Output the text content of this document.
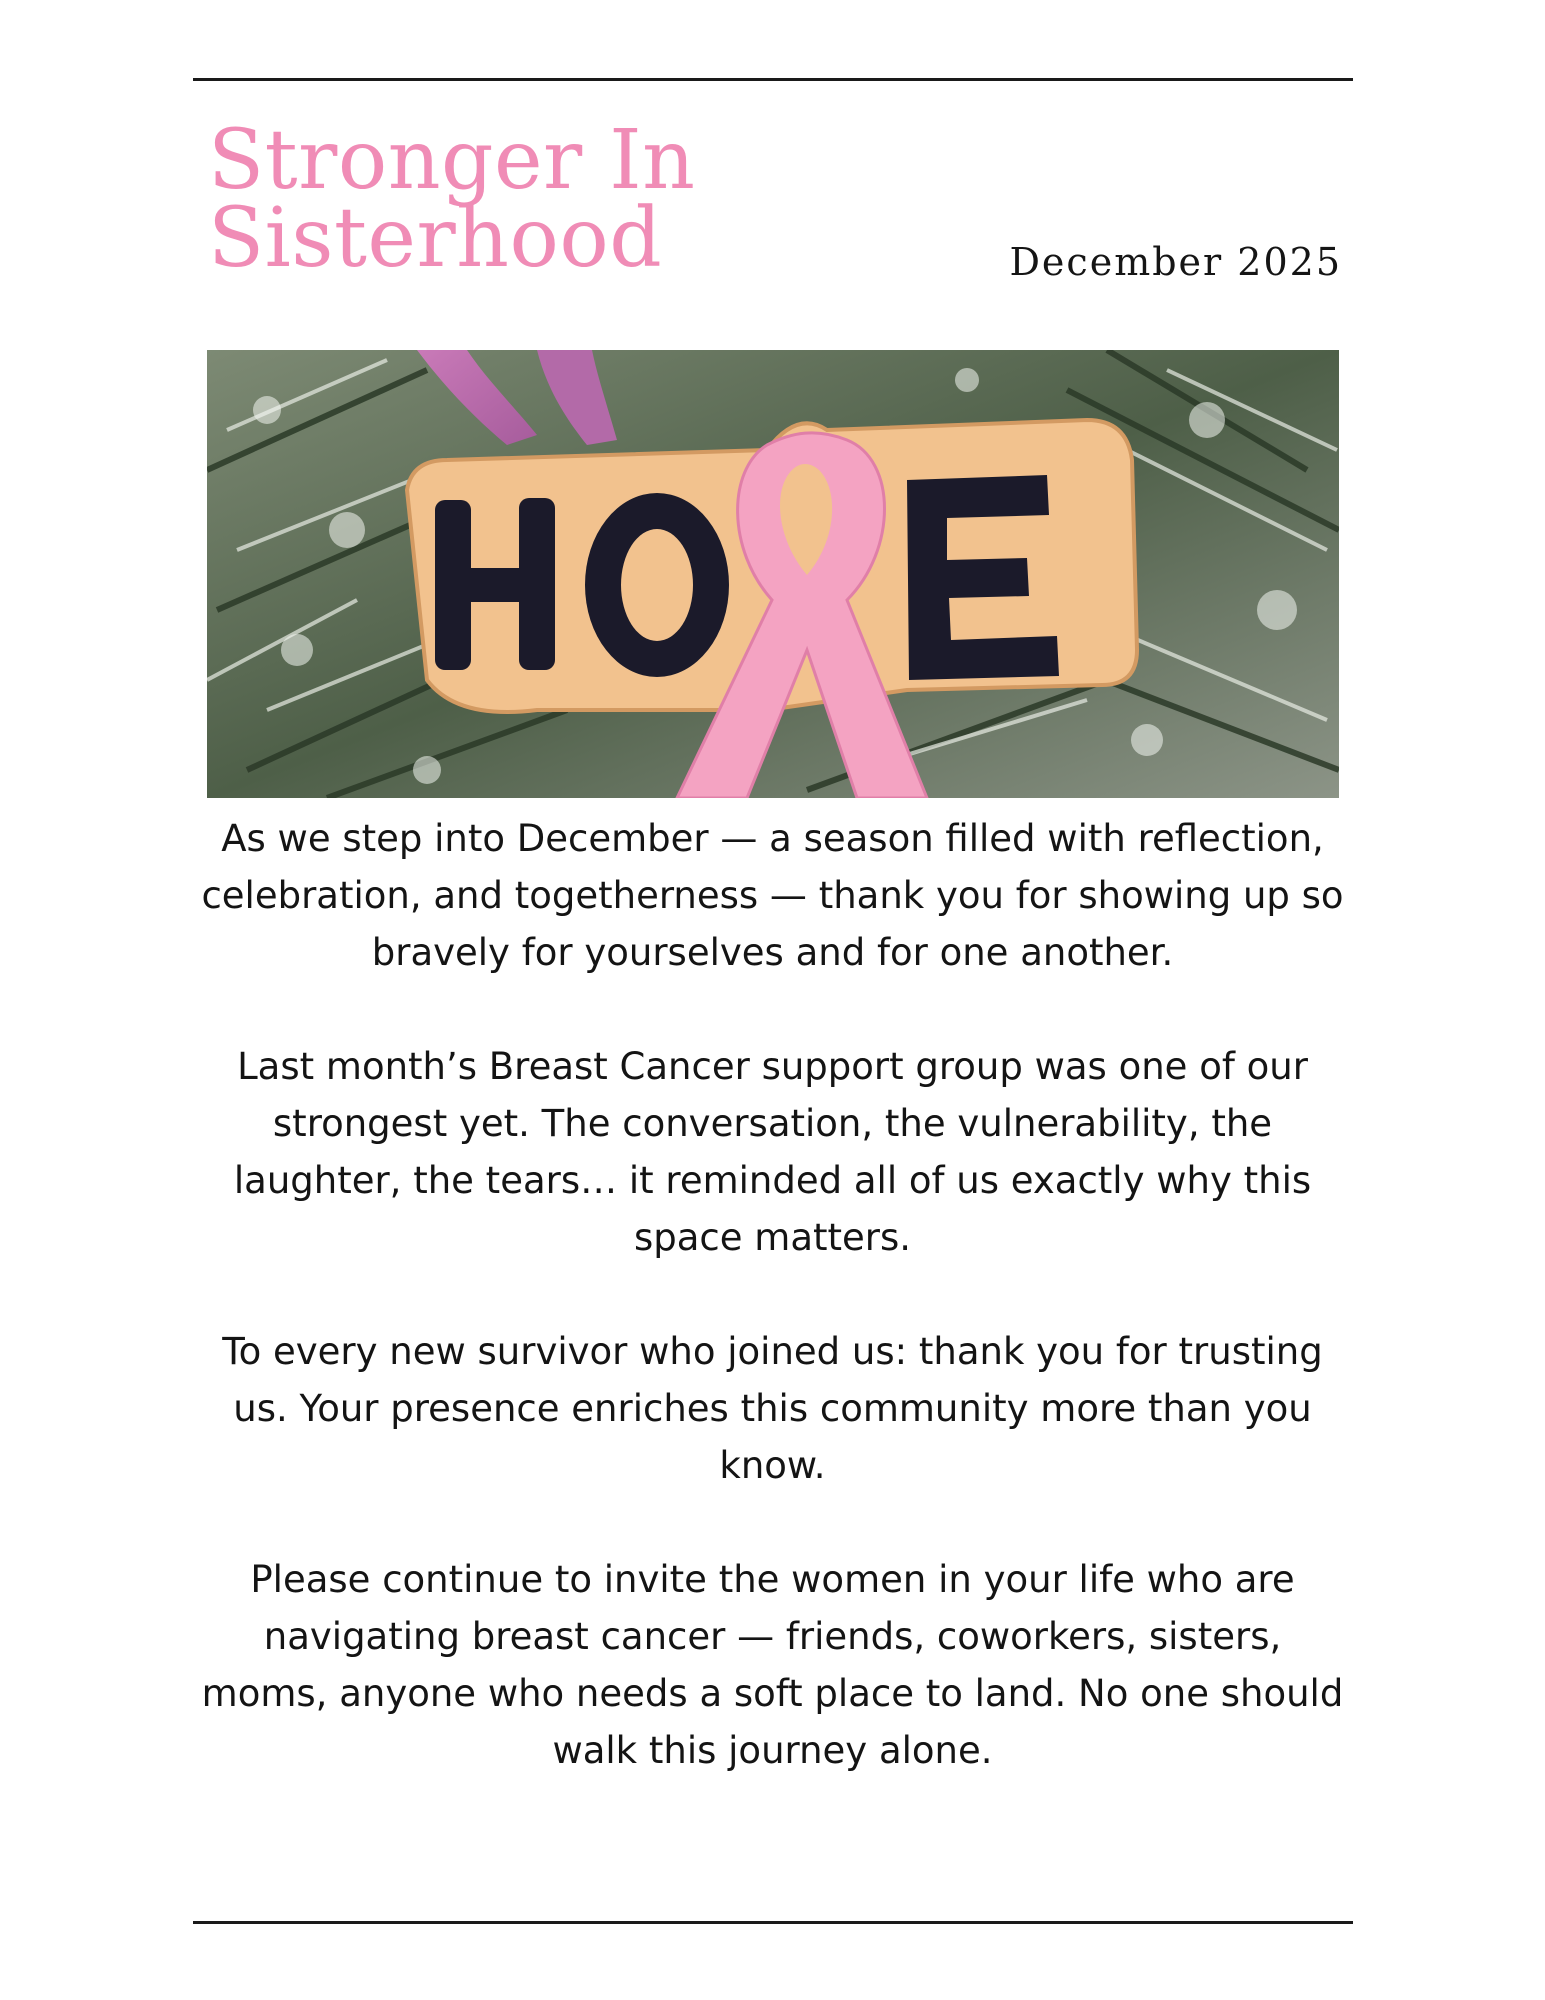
Stronger In Sisterhood	December 2025

As we step into December — a season filled with reflection, celebration, and togetherness — thank you for showing up so bravely for yourselves and for one another.

Last month’s Breast Cancer support group was one of our strongest yet. The conversation, the vulnerability, the laughter, the tears… it reminded all of us exactly why this space matters.

To every new survivor who joined us: thank you for trusting us. Your presence enriches this community more than you know.

Please continue to invite the women in your life who are navigating breast cancer — friends, coworkers, sisters, moms, anyone who needs a soft place to land. No one should walk this journey alone.
